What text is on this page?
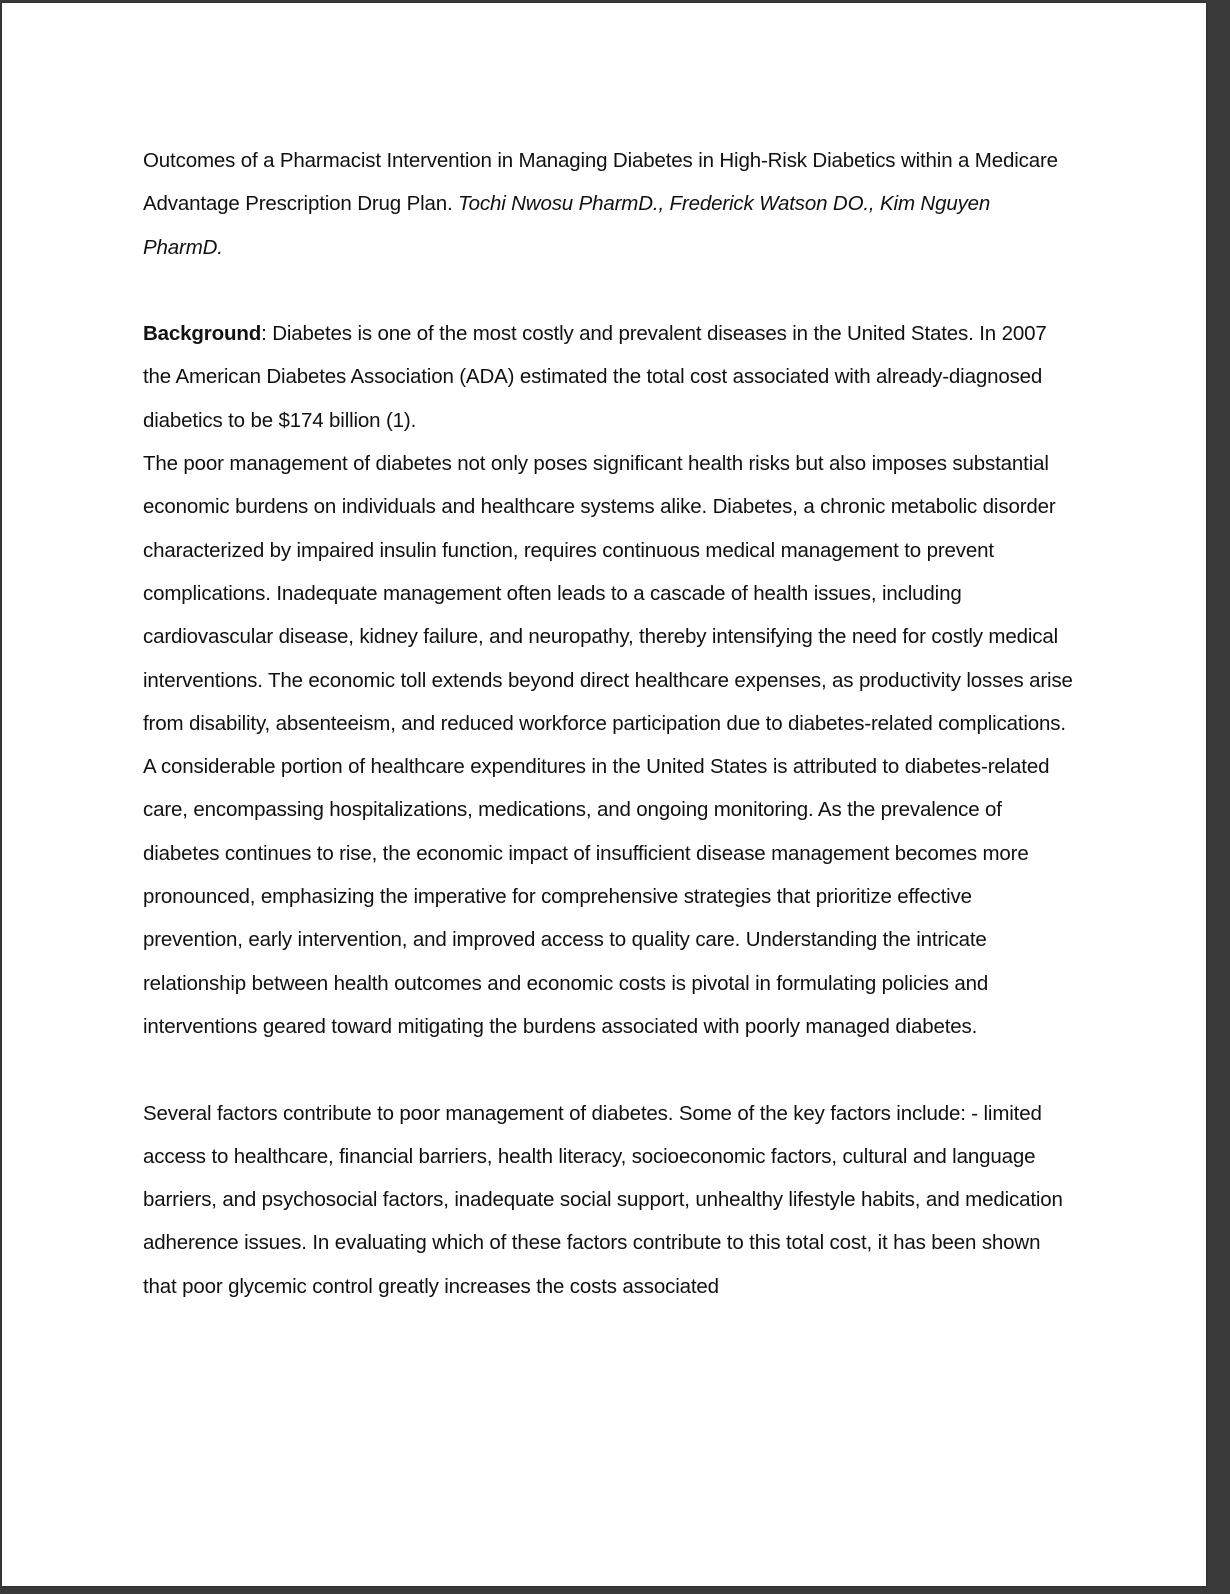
Outcomes of a Pharmacist Intervention in Managing Diabetes in High-Risk Diabetics within a Medicare Advantage Prescription Drug Plan. Tochi Nwosu PharmD., Frederick Watson DO., Kim Nguyen PharmD.

Background: Diabetes is one of the most costly and prevalent diseases in the United States. In 2007 the American Diabetes Association (ADA) estimated the total cost associated with already-diagnosed diabetics to be $174 billion (1).

The poor management of diabetes not only poses significant health risks but also imposes substantial economic burdens on individuals and healthcare systems alike. Diabetes, a chronic metabolic disorder characterized by impaired insulin function, requires continuous medical management to prevent complications. Inadequate management often leads to a cascade of health issues, including cardiovascular disease, kidney failure, and neuropathy, thereby intensifying the need for costly medical interventions. The economic toll extends beyond direct healthcare expenses, as productivity losses arise from disability, absenteeism, and reduced workforce participation due to diabetes-related complications. A considerable portion of healthcare expenditures in the United States is attributed to diabetes-related care, encompassing hospitalizations, medications, and ongoing monitoring. As the prevalence of diabetes continues to rise, the economic impact of insufficient disease management becomes more pronounced, emphasizing the imperative for comprehensive strategies that prioritize effective prevention, early intervention, and improved access to quality care. Understanding the intricate relationship between health outcomes and economic costs is pivotal in formulating policies and interventions geared toward mitigating the burdens associated with poorly managed diabetes.

Several factors contribute to poor management of diabetes. Some of the key factors include: - limited access to healthcare, financial barriers, health literacy, socioeconomic factors, cultural and language barriers, and psychosocial factors, inadequate social support, unhealthy lifestyle habits, and medication adherence issues. In evaluating which of these factors contribute to this total cost, it has been shown that poor glycemic control greatly increases the costs associated
